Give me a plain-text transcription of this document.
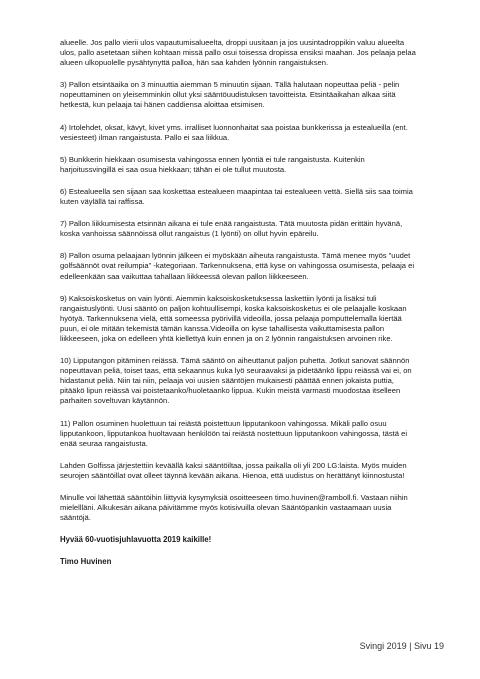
alueelle. Jos pallo vierii ulos vapautumisalueelta, droppi uusitaan ja jos uusintadroppikin valuu alueelta ulos, pallo asetetaan siihen kohtaan missä pallo osui toisessa dropissa ensiksi maahan. Jos pelaaja pelaa alueen ulkopuolelle pysähtynyttä palloa, hän saa kahden lyönnin rangaistuksen.

3) Pallon etsintäaika on 3 minuuttia aiemman 5 minuutin sijaan. Tällä halutaan nopeuttaa peliä - pelin nopeuttaminen on yleisemminkin ollut yksi sääntöuudistuksen tavoitteista. Etsintäaikahan alkaa siitä hetkestä, kun pelaaja tai hänen caddiensa aloittaa etsimisen.

4) Irtolehdet, oksat, kävyt, kivet yms. irralliset luonnonhaitat saa poistaa bunkkerissa ja estealueilla (ent. vesiesteet) ilman rangaistusta. Pallo ei saa liikkua.

5) Bunkkerin hiekkaan osumisesta vahingossa ennen lyöntiä ei tule rangaistusta. Kuitenkin harjoitussvingillä ei saa osua hiekkaan; tähän ei ole tullut muutosta.

6) Estealueella sen sijaan saa koskettaa estealueen maapintaa tai estealueen vettä. Siellä siis saa toimia kuten väylällä tai raffissa.

7) Pallon liikkumisesta etsinnän aikana ei tule enää rangaistusta. Tätä muutosta pidän erittäin hyvänä, koska vanhoissa säännöissä ollut rangaistus (1 lyönti) on ollut hyvin epäreilu.

8) Pallon osuma pelaajaan lyönnin jälkeen ei myöskään aiheuta rangaistusta. Tämä menee myös ”uudet golfsäännöt ovat reilumpia” -kategoriaan. Tarkennuksena, että kyse on vahingossa osumisesta, pelaaja ei edelleenkään saa vaikuttaa tahallaan liikkeessä olevan pallon liikkeeseen.

9) Kaksoiskosketus on vain lyönti. Aiemmin kaksoiskosketuksessa laskettiin lyönti ja lisäksi tuli rangaistuslyönti. Uusi sääntö on paljon kohtuullisempi, koska kaksoiskosketus ei ole pelaajalle koskaan hyötyä. Tarkennuksena vielä, että someessa pyörivillä videoilla, jossa pelaaja pomputtelemalla kiertää puun, ei ole mitään tekemistä tämän kanssa.Videoilla on kyse tahallisesta vaikuttamisesta pallon liikkeeseen, joka on edelleen yhtä kiellettyä kuin ennen ja on 2 lyönnin rangaistuksen arvoinen rike.

10) Lipputangon pitäminen reiässä. Tämä sääntö on aiheuttanut paljon puhetta. Jotkut sanovat säännön nopeuttavan peliä, toiset taas, että sekaannus kuka lyö seuraavaksi ja pidetäänkö lippu reiässä vai ei, on hidastanut peliä. Niin tai niin, pelaaja voi uusien sääntöjen mukaisesti päättää ennen jokaista puttia, pitääkö lipun reiässä vai poistetaanko/huoletaanko lippua. Kukin meistä varmasti muodostaa itselleen parhaiten soveltuvan käytännön.

11) Pallon osuminen huolettuun tai reiästä poistettuun lipputankoon vahingossa. Mikäli pallo osuu lipputankoon, lipputankoa huoltavaan henkilöön tai reiästä nostettuun lipputankoon vahingossa, tästä ei enää seuraa rangaistusta.

Lahden Golfissa järjestettiin keväällä kaksi sääntöiltaa, jossa paikalla oli yli 200 LG:laista. Myös muiden seurojen sääntöillat ovat olleet täynnä kevään aikana. Hienoa, että uudistus on herättänyt kiinnostusta!

Minulle voi lähettää sääntöihin liittyviä kysymyksiä osoitteeseen timo.huvinen@ramboll.fi. Vastaan niihin mielellläni. Alkukesän aikana päivitämme myös kotisivuilla olevan Sääntöpankin vastaamaan uusia sääntöjä.

Hyvää 60-vuotisjuhlavuotta 2019 kaikille!

Timo Huvinen

Svingi 2019 | Sivu 19
